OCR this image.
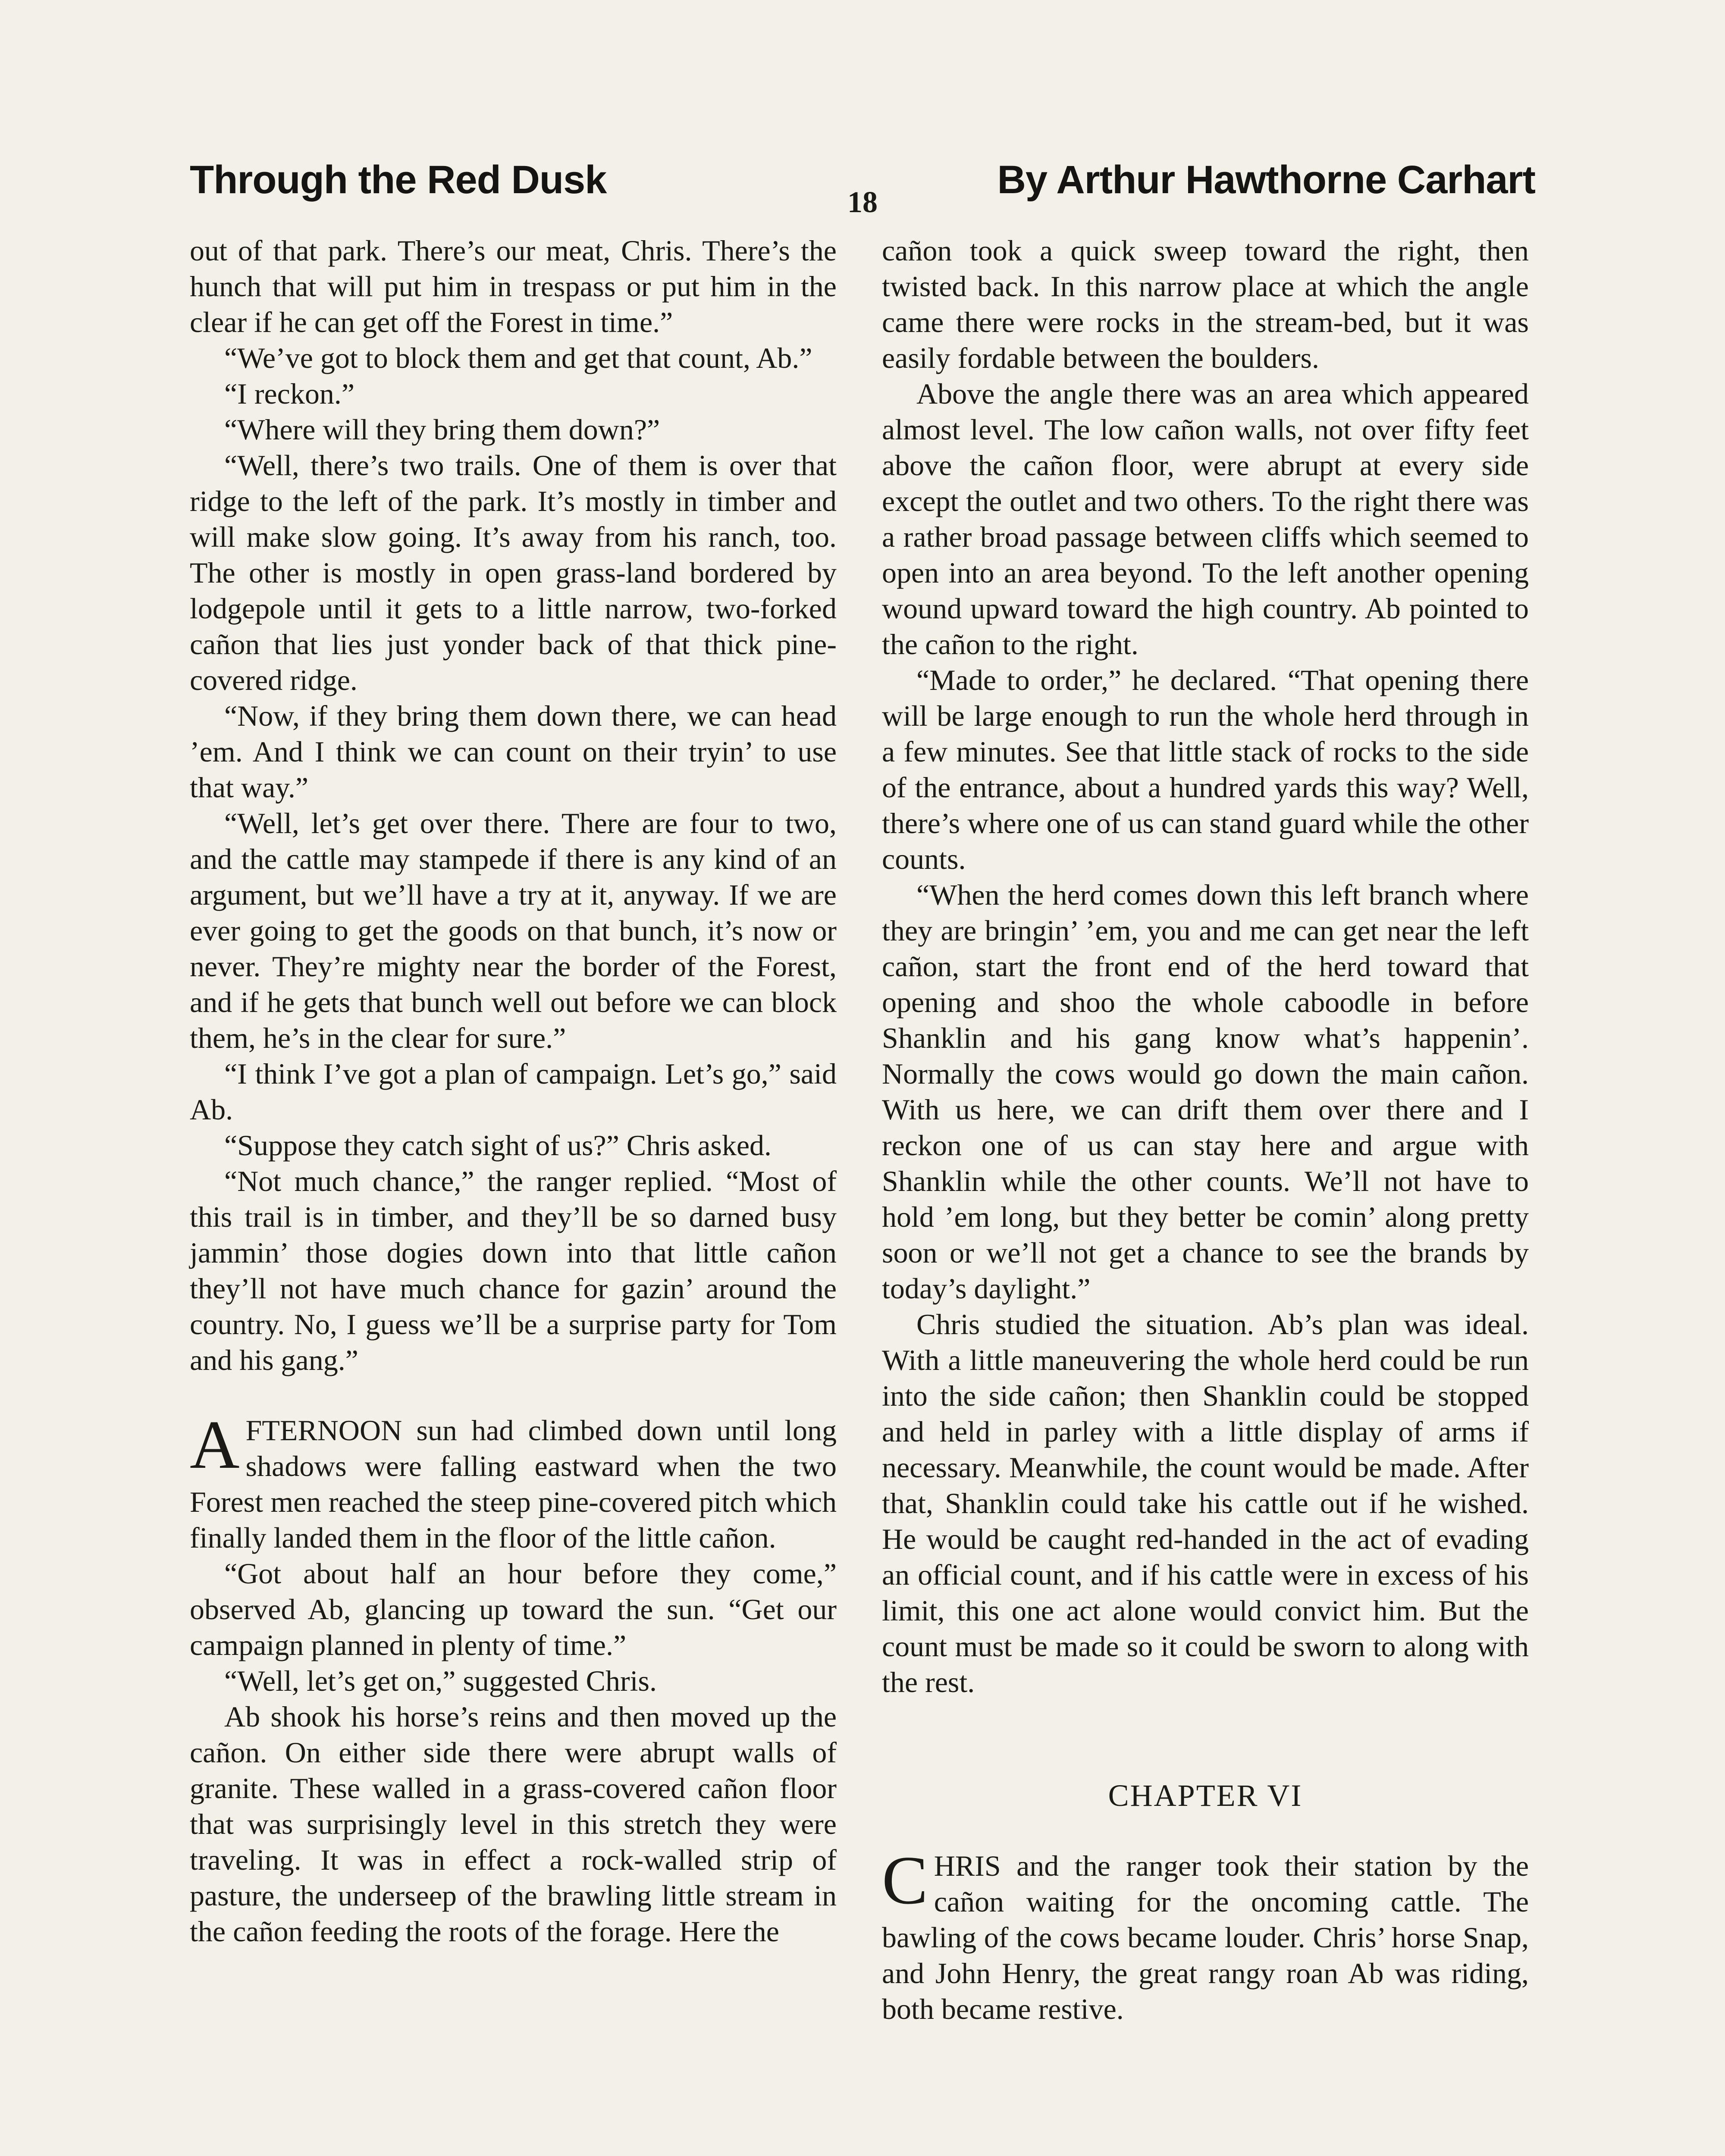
Through the Red Dusk	By Arthur Hawthorne Carhart
18

out of that park. There’s our meat, Chris. There’s the hunch that will put him in trespass or put him in the clear if he can get off the Forest in time.”

“We’ve got to block them and get that count, Ab.”

“I reckon.”

“Where will they bring them down?”

“Well, there’s two trails. One of them is over that ridge to the left of the park. It’s mostly in timber and will make slow going. It’s away from his ranch, too. The other is mostly in open grass-land bordered by lodgepole until it gets to a little narrow, two-forked cañon that lies just yonder back of that thick pine-covered ridge.

“Now, if they bring them down there, we can head ’em. And I think we can count on their tryin’ to use that way.”

“Well, let’s get over there. There are four to two, and the cattle may stampede if there is any kind of an argument, but we’ll have a try at it, anyway. If we are ever going to get the goods on that bunch, it’s now or never. They’re mighty near the border of the Forest, and if he gets that bunch well out before we can block them, he’s in the clear for sure.”

“I think I’ve got a plan of campaign. Let’s go,” said Ab.

“Suppose they catch sight of us?” Chris asked.

“Not much chance,” the ranger replied. “Most of this trail is in timber, and they’ll be so darned busy jammin’ those dogies down into that little cañon they’ll not have much chance for gazin’ around the country. No, I guess we’ll be a surprise party for Tom and his gang.”

AFTERNOON sun had climbed down until long shadows were falling eastward when the two Forest men reached the steep pine-covered pitch which finally landed them in the floor of the little cañon.

“Got about half an hour before they come,” observed Ab, glancing up toward the sun. “Get our campaign planned in plenty of time.”

“Well, let’s get on,” suggested Chris.

Ab shook his horse’s reins and then moved up the cañon. On either side there were abrupt walls of granite. These walled in a grass-covered cañon floor that was surprisingly level in this stretch they were traveling. It was in effect a rock-walled strip of pasture, the underseep of the brawling little stream in the cañon feeding the roots of the forage. Here the

cañon took a quick sweep toward the right, then twisted back. In this narrow place at which the angle came there were rocks in the stream-bed, but it was easily fordable between the boulders.

Above the angle there was an area which appeared almost level. The low cañon walls, not over fifty feet above the cañon floor, were abrupt at every side except the outlet and two others. To the right there was a rather broad passage between cliffs which seemed to open into an area beyond. To the left another opening wound upward toward the high country. Ab pointed to the cañon to the right.

“Made to order,” he declared. “That opening there will be large enough to run the whole herd through in a few minutes. See that little stack of rocks to the side of the entrance, about a hundred yards this way? Well, there’s where one of us can stand guard while the other counts.

“When the herd comes down this left branch where they are bringin’ ’em, you and me can get near the left cañon, start the front end of the herd toward that opening and shoo the whole caboodle in before Shanklin and his gang know what’s happenin’. Normally the cows would go down the main cañon. With us here, we can drift them over there and I reckon one of us can stay here and argue with Shanklin while the other counts. We’ll not have to hold ’em long, but they better be comin’ along pretty soon or we’ll not get a chance to see the brands by today’s daylight.”

Chris studied the situation. Ab’s plan was ideal. With a little maneuvering the whole herd could be run into the side cañon; then Shanklin could be stopped and held in parley with a little display of arms if necessary. Meanwhile, the count would be made. After that, Shanklin could take his cattle out if he wished. He would be caught red-handed in the act of evading an official count, and if his cattle were in excess of his limit, this one act alone would convict him. But the count must be made so it could be sworn to along with the rest.

CHAPTER VI

CHRIS and the ranger took their station by the cañon waiting for the oncoming cattle. The bawling of the cows became louder. Chris’ horse Snap, and John Henry, the great rangy roan Ab was riding, both became restive.
